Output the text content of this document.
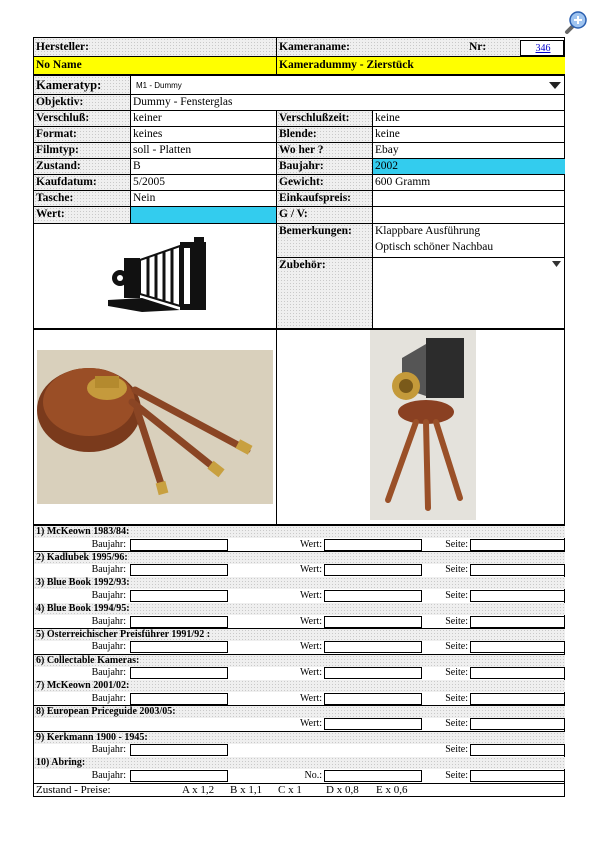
Hersteller:	Kameraname:	Nr:	346
No Name	Kameradummy - Zierstück
Kameratyp:	M1 - Dummy
Objektiv:	Dummy - Fensterglas
Verschluß:	keiner	Verschlußzeit:	keine
Format:	keines	Blende:	keine
Filmtyp:	soll - Platten	Wo her ?	Ebay
Zustand:	B	Baujahr:	2002
Kaufdatum:	5/2005	Gewicht:	600 Gramm
Tasche:	Nein	Einkaufspreis:
Wert:	G / V:
Bemerkungen:	Klappbare Ausführung
Optisch schöner Nachbau
Zubehör:
1) McKeown 1983/84:
Baujahr:	Wert:	Seite:
2) Kadlubek 1995/96:
Baujahr:	Wert:	Seite:
3) Blue Book 1992/93:
Baujahr:	Wert:	Seite:
4) Blue Book 1994/95:
Baujahr:	Wert:	Seite:
5) Österreichischer Preisführer 1991/92 :
Baujahr:	Wert:	Seite:
6) Collectable Kameras:
Baujahr:	Wert:	Seite:
7) McKeown 2001/02:
Baujahr:	Wert:	Seite:
8) European Priceguide 2003/05:
Wert:	Seite:
9) Kerkmann 1900 - 1945:
Baujahr:	Seite:
10) Abring:
Baujahr:	No.:	Seite:
Zustand - Preise:	A x 1,2 B x 1,1 C x 1 D x 0,8 E x 0,6
